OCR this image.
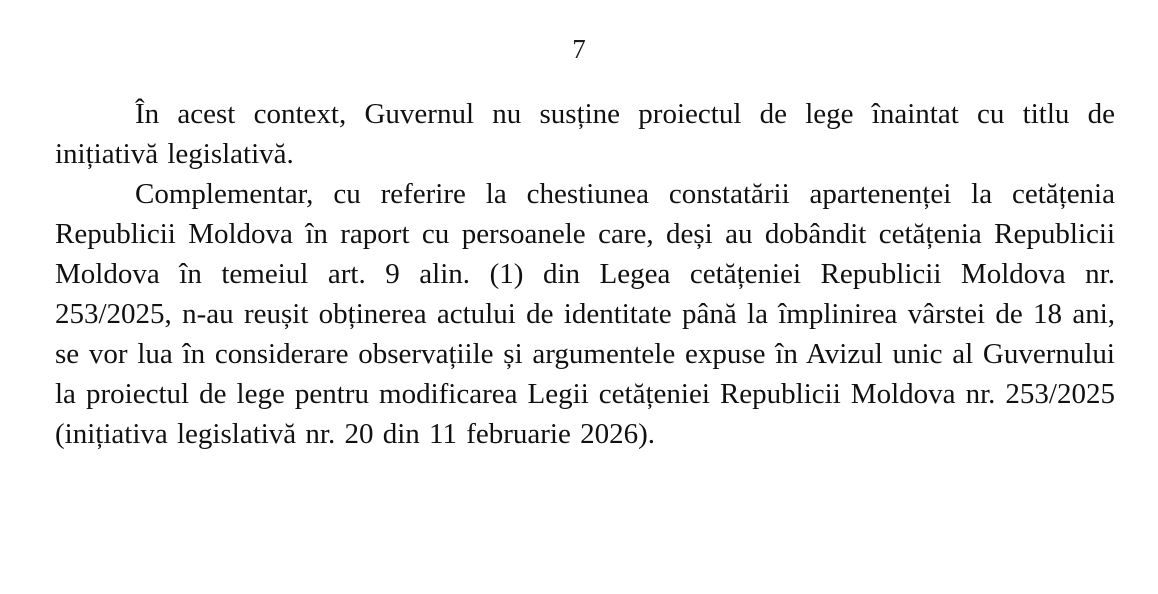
7

În acest context, Guvernul nu susține proiectul de lege înaintat cu titlu de inițiativă legislativă.

Complementar, cu referire la chestiunea constatării apartenenței la cetățenia Republicii Moldova în raport cu persoanele care, deși au dobândit cetățenia Republicii Moldova în temeiul art. 9 alin. (1) din Legea cetățeniei Republicii Moldova nr. 253/2025, n-au reușit obținerea actului de identitate până la împlinirea vârstei de 18 ani, se vor lua în considerare observațiile și argumentele expuse în Avizul unic al Guvernului la proiectul de lege pentru modificarea Legii cetățeniei Republicii Moldova nr. 253/2025 (inițiativa legislativă nr. 20 din 11 februarie 2026).
